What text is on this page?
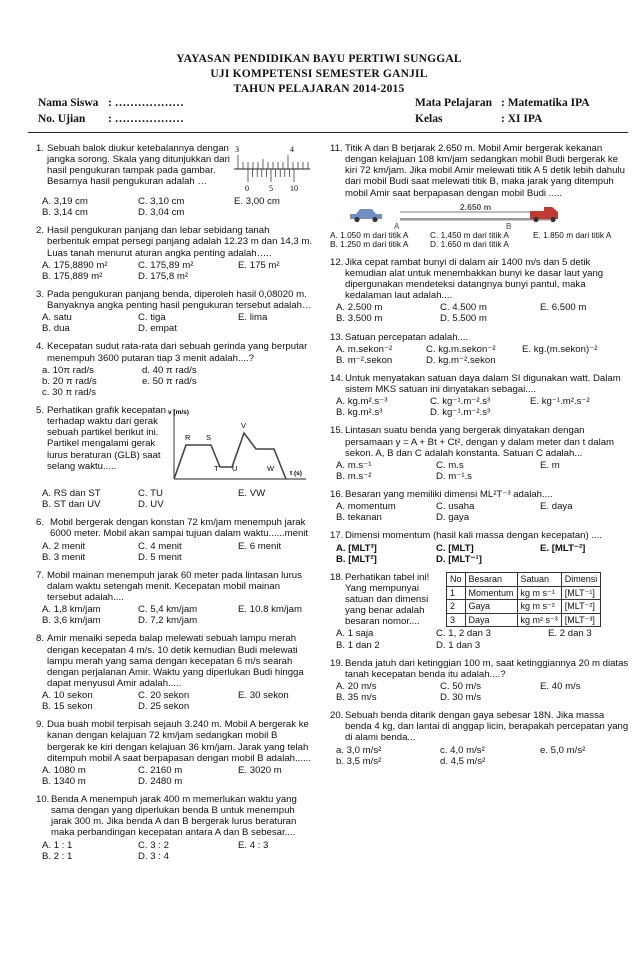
YAYASAN PENDIDIKAN BAYU PERTIWI SUNGGAL
UJI KOMPETENSI SEMESTER GANJIL
TAHUN PELAJARAN 2014-2015
Nama Siswa : ………………
No. Ujian : ………………
Mata Pelajaran : Matematika IPA
Kelas	: XI IPA
1. Sebuah balok diukur ketebalannya dengan jangka sorong. Skala yang ditunjukkan dari hasil pengukuran tampak pada gambar. Besarnya hasil pengukuran adalah …
3	4
0	5 10
A. 3,19 cm	C. 3,10 cm	E. 3,00 cm
B. 3,14 cm	D. 3,04 cm
2. Hasil pengukuran panjang dan lebar sebidang tanah berbentuk empat persegi panjang adalah 12.23 m dan 14,3 m. Luas tanah menurut aturan angka penting adalah…..
A. 175,8890 m²	C. 175,89 m²	E. 175 m²
B. 175,889 m²	D. 175,8 m²
3. Pada pengukuran panjang benda, diperoleh hasil 0,08020 m. Banyaknya angka penting hasil pengukuran tersebut adalah…
A. satu	C. tiga	E. lima
B. dua	D. empat
4. Kecepatan sudut rata-rata dari sebuah gerinda yang berputar menempuh 3600 putaran tiap 3 menit adalah....?
a. 10π rad/s	d. 40 π rad/s
b. 20 π rad/s	e. 50 π rad/s
c. 30 π rad/s
5. Perhatikan grafik kecepatan terhadap waktu dari gerak sebuah partikel berikut ini. Partikel mengalami gerak lurus beraturan (GLB) saat selang waktu.....
v (m/s)
t (s)
R S
T U
V
W
A. RS dan ST	C. TU	E. VW
B. ST dan UV	D. UV
6. Mobil bergerak dengan konstan 72 km/jam menempuh jarak 6000 meter. Mobil akan sampai tujuan dalam waktu......menit
A. 2 menit	C. 4 menit	E. 6 menit
B. 3 menit	D. 5 menit
7. Mobil mainan menempuh jarak 60 meter pada lintasan lurus dalam waktu setengah menit. Kecepatan mobil mainan tersebut adalah....
A. 1,8 km/jam	C. 5,4 km/jam	E. 10.8 km/jam
B. 3,6 km/jam	D. 7,2 km/jam
8. Amir menaiki sepeda balap melewati sebuah lampu merah dengan kecepatan 4 m/s. 10 detik kemudian Budi melewati lampu merah yang sama dengan kecepatan 6 m/s searah dengan perjalanan Amir. Waktu yang diperlukan Budi hingga dapat menyusul Amir adalah.....
A. 10 sekon	C. 20 sekon	E. 30 sekon
B. 15 sekon	D. 25 sekon
9. Dua buah mobil terpisah sejauh 3.240 m. Mobil A bergerak ke kanan dengan kelajuan 72 km/jam sedangkan mobil B bergerak ke kiri dengan kelajuan 36 km/jam. Jarak yang telah ditempuh mobil A saat berpapasan dengan mobil B adalah......
A. 1080 m	C. 2160 m	E. 3020 m
B. 1340 m	D. 2480 m
10. Benda A menempuh jarak 400 m memerlukan waktu yang sama dengan yang diperlukan benda B untuk menempuh jarak 300 m. Jika benda A dan B bergerak lurus beraturan maka perbandingan kecepatan antara A dan B sebesar....
A. 1 : 1	C. 3 : 2	E. 4 : 3
B. 2 : 1	D. 3 : 4
11. Titik A dan B berjarak 2.650 m. Mobil Amir bergerak kekanan dengan kelajuan 108 km/jam sedangkan mobil Budi bergerak ke kiri 72 km/jam. Jika mobil Amir melewati titik A 5 detik lebih dahulu dari mobil Budi saat melewati titik B, maka jarak yang ditempuh mobil Amir saat berpapasan dengan mobil Budi .....
2.650 m
A	B
A. 1.050 m dari titik A	C. 1.450 m dari titik A	E. 1.850 m dari titik A
B. 1.250 m dari titik A	D. 1.650 m dari titik A
12. Jika cepat rambat bunyi di dalam air 1400 m/s dan 5 detik kemudian alat untuk menembakkan bunyi ke dasar laut yang dipergunakan mendeteksi datangnya bunyi pantul, maka kedalaman laut adalah....
A. 2.500 m	C. 4.500 m	E. 6.500 m
B. 3.500 m	D. 5.500 m
13. Satuan percepatan adalah....
A. m.sekon⁻²	C. kg.m.sekon⁻²	E. kg.(m.sekon)⁻²
B. m⁻².sekon	D. kg.m⁻².sekon
14. Untuk menyatakan satuan daya dalam SI digunakan watt. Dalam sistem MKS satuan ini dinyatakan sebagai....
A. kg.m².s⁻³	C. kg⁻¹.m⁻².s³	E. kg⁻¹.m².s⁻²
B. kg.m².s³	D. kg⁻¹.m⁻².s³
15. Lintasan suatu benda yang bergerak dinyatakan dengan persamaan y = A + Bt + Ct², dengan y dalam meter dan t dalam sekon. A, B dan C adalah konstanta. Satuan C adalah...
A. m.s⁻¹	C. m.s	E. m
B. m.s⁻²	D. m⁻¹.s
16. Besaran yang memiliki dimensi ML²T⁻³ adalah....
A. momentum	C. usaha	E. daya
B. tekanan	D. gaya
17. Dimensi momentum (hasil kali massa dengan kecepatan) ....
A. [MLT³]	C. [MLT]	E. [MLT⁻²]
B. [MLT²]	D. [MLT⁻¹]
18. Perhatikan tabel ini! Yang mempunyai satuan dan dimensi yang benar adalah besaran nomor....
No	Besaran	Satuan	Dimensi
1	Momentum	kg m s⁻¹	[MLT⁻¹]
2	Gaya	kg m s⁻²	[MLT⁻²]
3	Daya	kg m² s⁻³	[MLT⁻³]
A. 1 saja	C. 1, 2 dan 3	E. 2 dan 3
B. 1 dan 2	D. 1 dan 3
19. Benda jatuh dari ketinggian 100 m, saat ketinggiannya 20 m diatas tanah kecepatan benda itu adalah....?
A. 20 m/s	C. 50 m/s	E. 40 m/s
B. 35 m/s	D. 30 m/s
20. Sebuah benda ditarik dengan gaya sebesar 18N. Jika massa benda 4 kg, dan lantai di anggap licin, berapakah percepatan yang di alami benda...
a. 3,0 m/s²	c. 4,0 m/s²	e. 5,0 m/s²
b. 3,5 m/s²	d. 4,5 m/s²
